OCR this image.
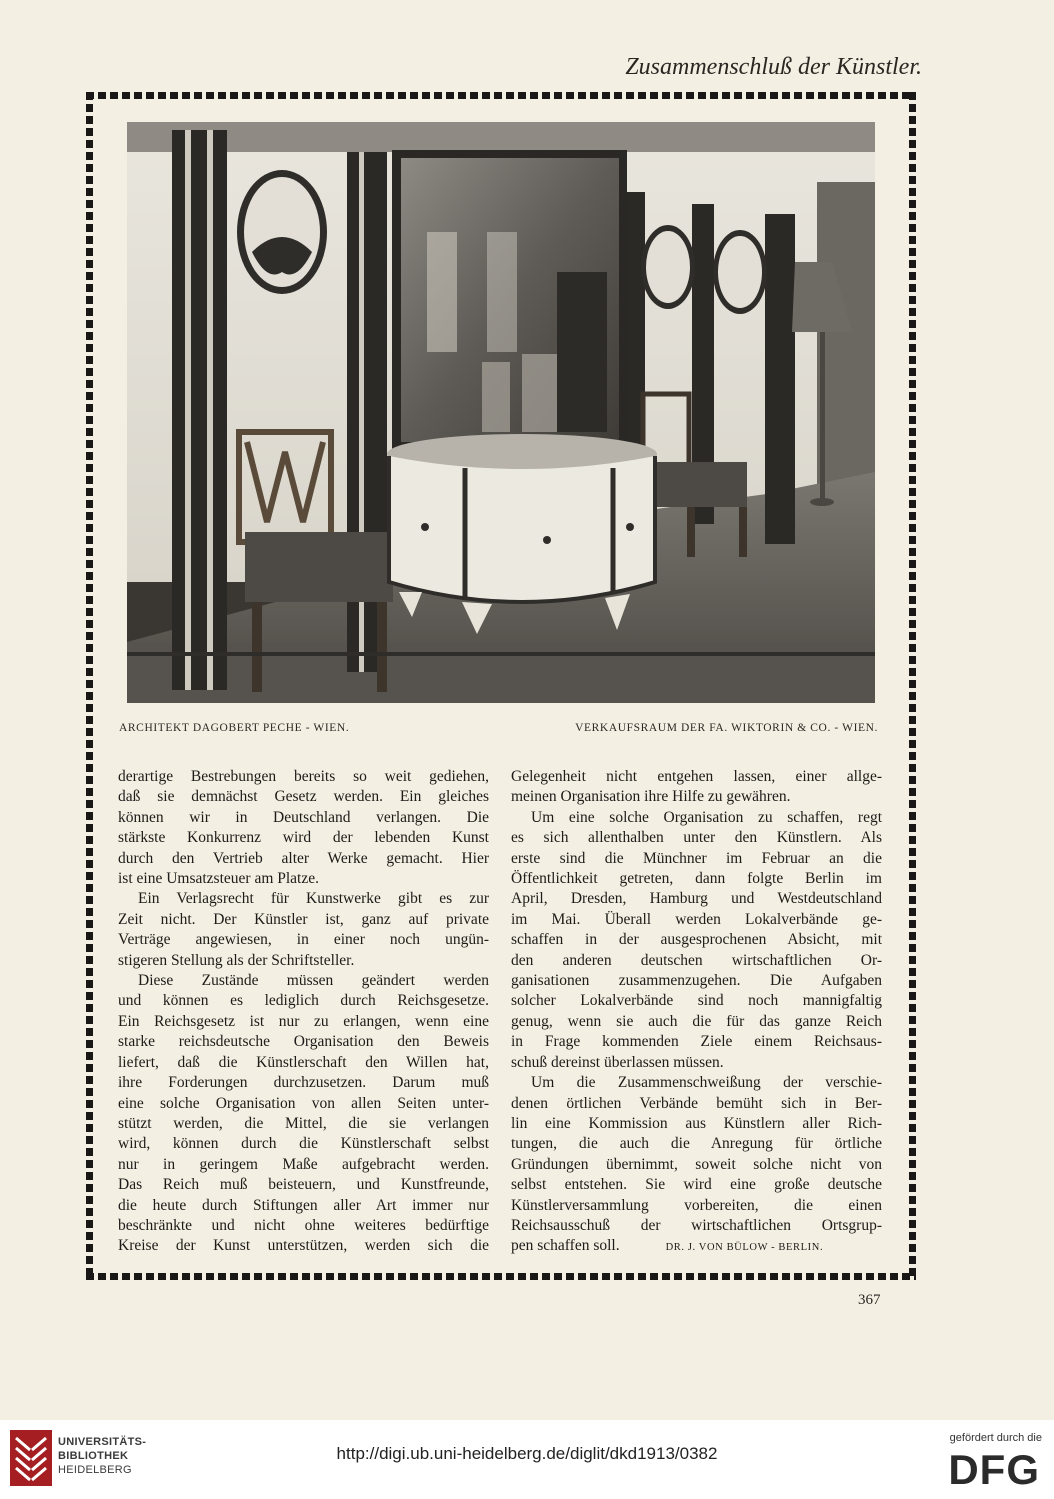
Zusammenschluß der Künstler.
ARCHITEKT DAGOBERT PECHE - WIEN.	VERKAUFSRAUM DER FA. WIKTORIN & CO. - WIEN.

derartige Bestrebungen bereits so weit gediehen,

daß sie demnächst Gesetz werden. Ein gleiches

können wir in Deutschland verlangen. Die

stärkste Konkurrenz wird der lebenden Kunst

durch den Vertrieb alter Werke gemacht. Hier

ist eine Umsatzsteuer am Platze.

Ein Verlagsrecht für Kunstwerke gibt es zur

Zeit nicht. Der Künstler ist, ganz auf private

Verträge angewiesen, in einer noch ungün-

stigeren Stellung als der Schriftsteller.

Diese Zustände müssen geändert werden

und können es lediglich durch Reichsgesetze.

Ein Reichsgesetz ist nur zu erlangen, wenn eine

starke reichsdeutsche Organisation den Beweis

liefert, daß die Künstlerschaft den Willen hat,

ihre Forderungen durchzusetzen. Darum muß

eine solche Organisation von allen Seiten unter-

stützt werden, die Mittel, die sie verlangen

wird, können durch die Künstlerschaft selbst

nur in geringem Maße aufgebracht werden.

Das Reich muß beisteuern, und Kunstfreunde,

die heute durch Stiftungen aller Art immer nur

beschränkte und nicht ohne weiteres bedürftige

Kreise der Kunst unterstützen, werden sich die

Gelegenheit nicht entgehen lassen, einer allge-

meinen Organisation ihre Hilfe zu gewähren.

Um eine solche Organisation zu schaffen, regt

es sich allenthalben unter den Künstlern. Als

erste sind die Münchner im Februar an die

Öffentlichkeit getreten, dann folgte Berlin im

April, Dresden, Hamburg und Westdeutschland

im Mai. Überall werden Lokalverbände ge-

schaffen in der ausgesprochenen Absicht, mit

den anderen deutschen wirtschaftlichen Or-

ganisationen zusammenzugehen. Die Aufgaben

solcher Lokalverbände sind noch mannigfaltig

genug, wenn sie auch die für das ganze Reich

in Frage kommenden Ziele einem Reichsaus-

schuß dereinst überlassen müssen.

Um die Zusammenschweißung der verschie-

denen örtlichen Verbände bemüht sich in Ber-

lin eine Kommission aus Künstlern aller Rich-

tungen, die auch die Anregung für örtliche

Gründungen übernimmt, soweit solche nicht von

selbst entstehen. Sie wird eine große deutsche

Künstlerversammlung vorbereiten, die einen

Reichsausschuß der wirtschaftlichen Ortsgrup-

pen schaffen soll.	DR. J. VON BÜLOW - BERLIN.

367
UNIVERSITÄTS-
BIBLIOTHEK
HEIDELBERG
http://digi.ub.uni-heidelberg.de/diglit/dkd1913/0382
gefördert durch die
DFG
